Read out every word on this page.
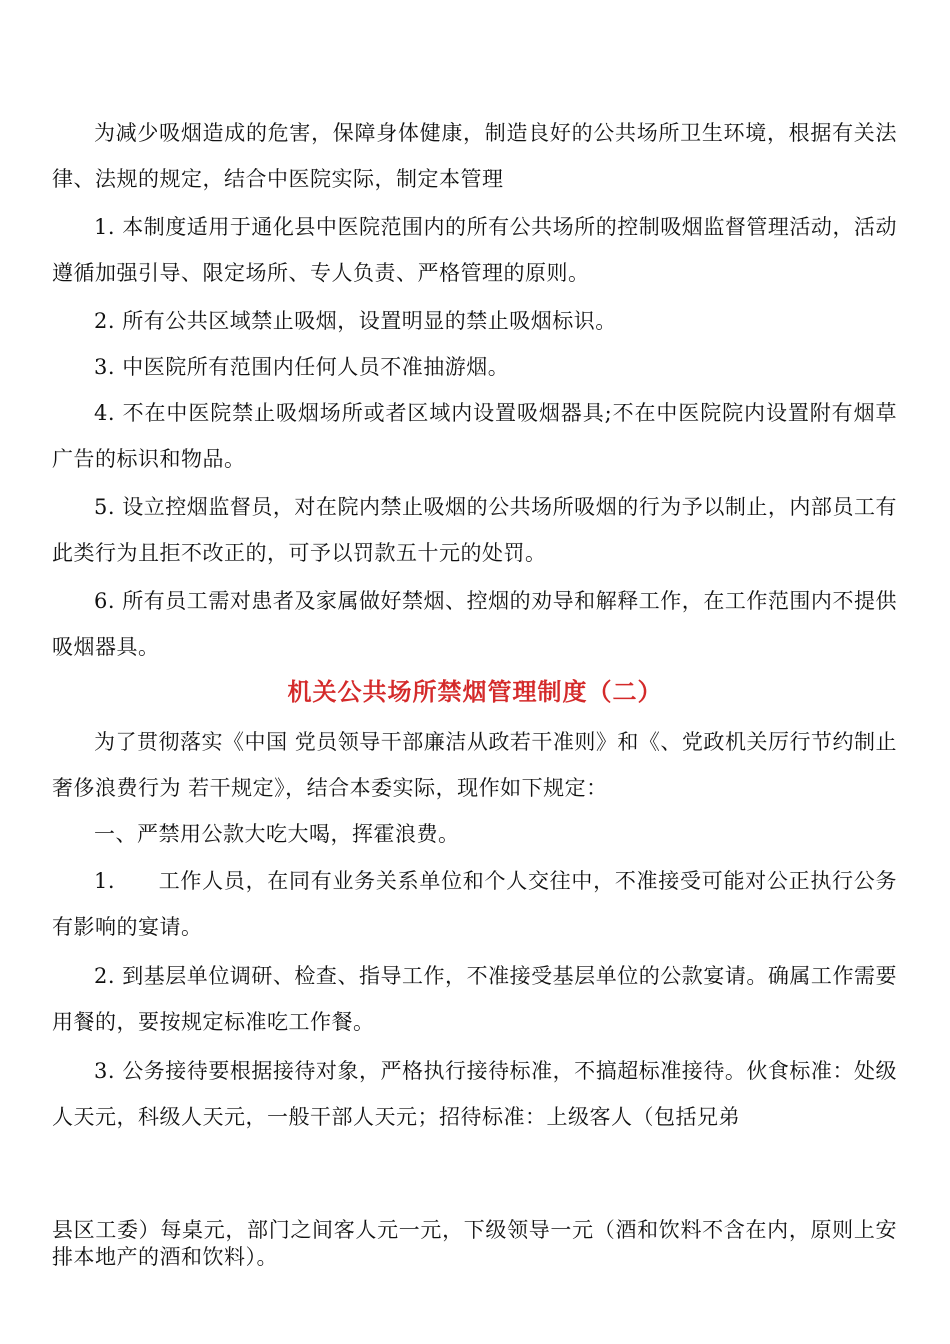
为减少吸烟造成的危害，保障身体健康，制造良好的公共场所卫生环境，根据有关法律、法规的规定，结合中医院实际，制定本管理

1. 本制度适用于通化县中医院范围内的所有公共场所的控制吸烟监督管理活动，活动遵循加强引导、限定场所、专人负责、严格管理的原则。

2. 所有公共区域禁止吸烟，设置明显的禁止吸烟标识。

3. 中医院所有范围内任何人员不准抽游烟。

4. 不在中医院禁止吸烟场所或者区域内设置吸烟器具;不在中医院院内设置附有烟草广告的标识和物品。

5. 设立控烟监督员，对在院内禁止吸烟的公共场所吸烟的行为予以制止，内部员工有此类行为且拒不改正的，可予以罚款五十元的处罚。

6. 所有员工需对患者及家属做好禁烟、控烟的劝导和解释工作，在工作范围内不提供吸烟器具。

机关公共场所禁烟管理制度（二）

为了贯彻落实《中国 党员领导干部廉洁从政若干准则》和《、党政机关厉行节约制止奢侈浪费行为 若干规定》，结合本委实际，现作如下规定：

一、严禁用公款大吃大喝，挥霍浪费。

1.　　工作人员，在同有业务关系单位和个人交往中，不准接受可能对公正执行公务有影响的宴请。

2. 到基层单位调研、检查、指导工作，不准接受基层单位的公款宴请。确属工作需要用餐的，要按规定标准吃工作餐。

3. 公务接待要根据接待对象，严格执行接待标准，不搞超标准接待。伙食标准：处级人天元，科级人天元，一般干部人天元；招待标准：上级客人（包括兄弟

县区工委）每桌元，部门之间客人元一元，下级领导一元（酒和饮料不含在内，原则上安排本地产的酒和饮料）。
